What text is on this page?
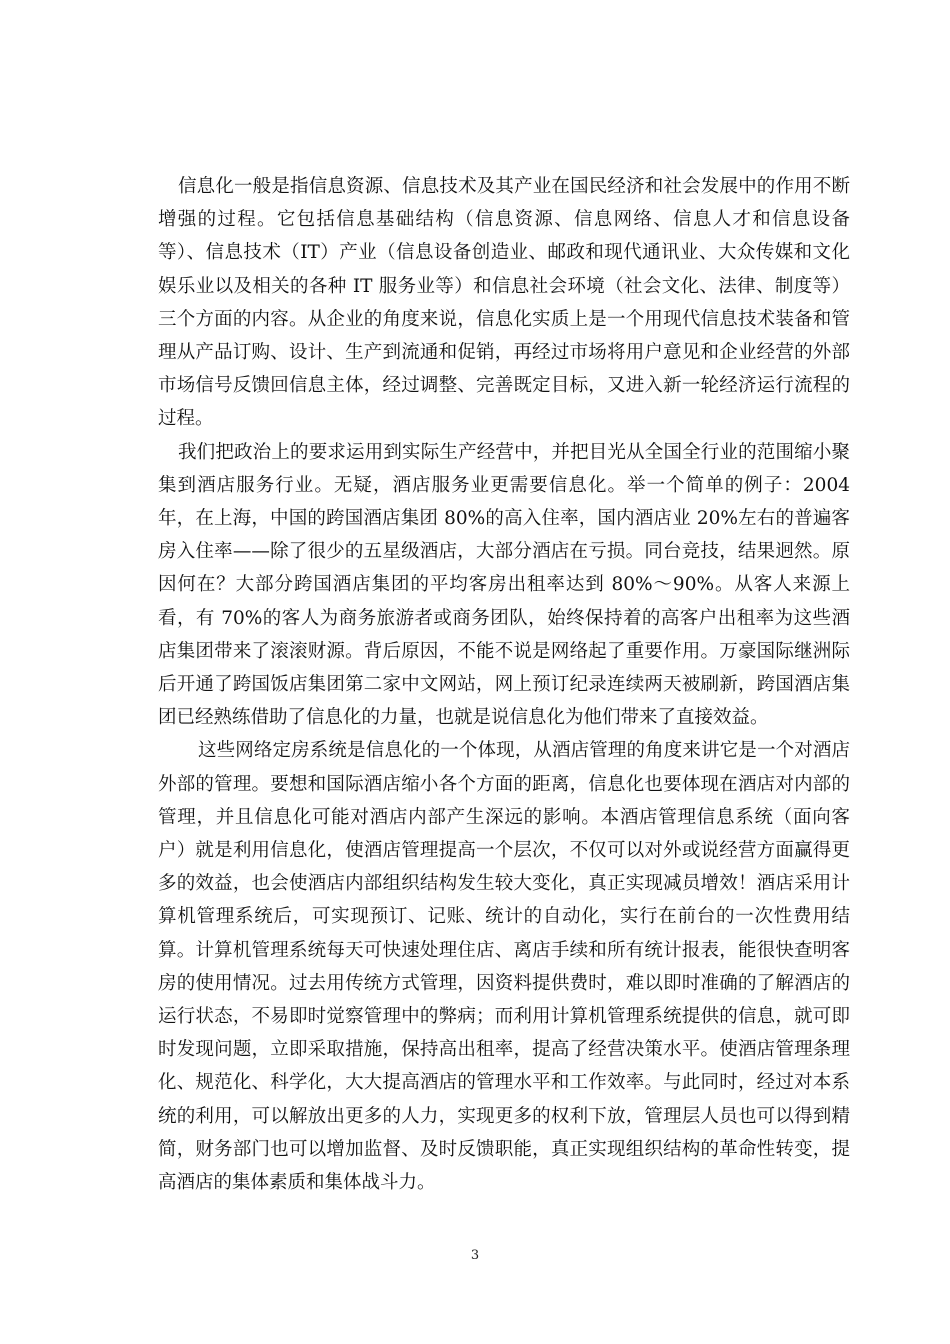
信息化一般是指信息资源、信息技术及其产业在国民经济和社会发展中的作用不断增强的过程。它包括信息基础结构（信息资源、信息网络、信息人才和信息设备等）、信息技术（IT）产业（信息设备创造业、邮政和现代通讯业、大众传媒和文化娱乐业以及相关的各种 IT 服务业等）和信息社会环境（社会文化、法律、制度等）三个方面的内容。从企业的角度来说，信息化实质上是一个用现代信息技术装备和管理从产品订购、设计、生产到流通和促销，再经过市场将用户意见和企业经营的外部市场信号反馈回信息主体，经过调整、完善既定目标，又进入新一轮经济运行流程的过程。

我们把政治上的要求运用到实际生产经营中，并把目光从全国全行业的范围缩小聚集到酒店服务行业。无疑，酒店服务业更需要信息化。举一个简单的例子：2004 年，在上海，中国的跨国酒店集团 80%的高入住率，国内酒店业 20%左右的普遍客房入住率——除了很少的五星级酒店，大部分酒店在亏损。同台竞技，结果迥然。原因何在？大部分跨国酒店集团的平均客房出租率达到 80%～90%。从客人来源上看，有 70%的客人为商务旅游者或商务团队，始终保持着的高客户出租率为这些酒店集团带来了滚滚财源。背后原因，不能不说是网络起了重要作用。万豪国际继洲际后开通了跨国饭店集团第二家中文网站，网上预订纪录连续两天被刷新，跨国酒店集团已经熟练借助了信息化的力量，也就是说信息化为他们带来了直接效益。

这些网络定房系统是信息化的一个体现，从酒店管理的角度来讲它是一个对酒店外部的管理。要想和国际酒店缩小各个方面的距离，信息化也要体现在酒店对内部的管理，并且信息化可能对酒店内部产生深远的影响。本酒店管理信息系统（面向客户）就是利用信息化，使酒店管理提高一个层次，不仅可以对外或说经营方面赢得更多的效益，也会使酒店内部组织结构发生较大变化，真正实现减员增效！酒店采用计算机管理系统后，可实现预订、记账、统计的自动化，实行在前台的一次性费用结算。计算机管理系统每天可快速处理住店、离店手续和所有统计报表，能很快查明客房的使用情况。过去用传统方式管理，因资料提供费时，难以即时准确的了解酒店的运行状态，不易即时觉察管理中的弊病；而利用计算机管理系统提供的信息，就可即时发现问题，立即采取措施，保持高出租率，提高了经营决策水平。使酒店管理条理化、规范化、科学化，大大提高酒店的管理水平和工作效率。与此同时，经过对本系统的利用，可以解放出更多的人力，实现更多的权利下放，管理层人员也可以得到精简，财务部门也可以增加监督、及时反馈职能，真正实现组织结构的革命性转变，提高酒店的集体素质和集体战斗力。

3
